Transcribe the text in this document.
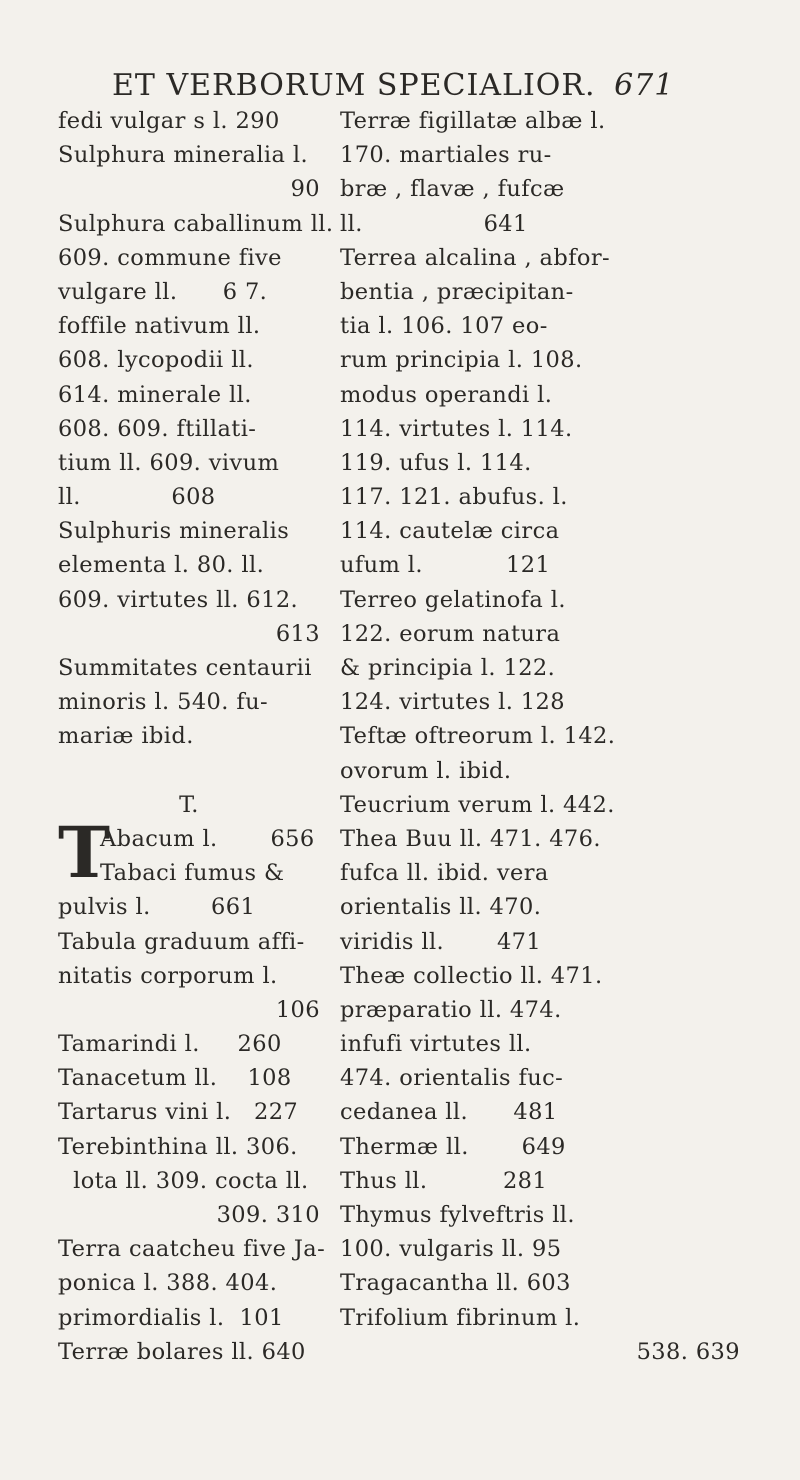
ET VERBORUM SPECIALIOR. 671
fedi vulgar s l. 290
Sulphura mineralia l.
90
Sulphura caballinum ll.
609. commune five
vulgare ll.      6 7.
foffile nativum ll.
608. lycopodii ll.
614. minerale ll.
608. 609. ftillati-
tium ll. 609. vivum
ll.            608
Sulphuris mineralis
elementa l. 80. ll.
609. virtutes ll. 612.
613
Summitates centaurii
minoris l. 540. fu-
mariæ ibid.
T.
T
Abacum l.       656
Tabaci fumus &
pulvis l.        661
Tabula graduum affi-
nitatis corporum l.
106
Tamarindi l.     260
Tanacetum ll.    108
Tartarus vini l.   227
Terebinthina ll. 306.
lota ll. 309. cocta ll.
309. 310
Terra caatcheu five Ja-
ponica l. 388. 404.
primordialis l.  101
Terræ bolares ll. 640
Terræ figillatæ albæ l.
170. martiales ru-
bræ , flavæ , fufcæ
ll.                641
Terrea alcalina , abfor-
bentia , præcipitan-
tia l. 106. 107 eo-
rum principia l. 108.
modus operandi l.
114. virtutes l. 114.
119. ufus l. 114.
117. 121. abufus. l.
114. cautelæ circa
ufum l.           121
Terreo gelatinofa l.
122. eorum natura
& principia l. 122.
124. virtutes l. 128
Teftæ oftreorum l. 142.
ovorum l. ibid.
Teucrium verum l. 442.
Thea Buu ll. 471. 476.
fufca ll. ibid. vera
orientalis ll. 470.
viridis ll.       471
Theæ collectio ll. 471.
præparatio ll. 474.
infufi virtutes ll.
474. orientalis fuc-
cedanea ll.      481
Thermæ ll.       649
Thus ll.          281
Thymus fylveftris ll.
100. vulgaris ll. 95
Tragacantha ll. 603
Trifolium fibrinum l.
538. 639
